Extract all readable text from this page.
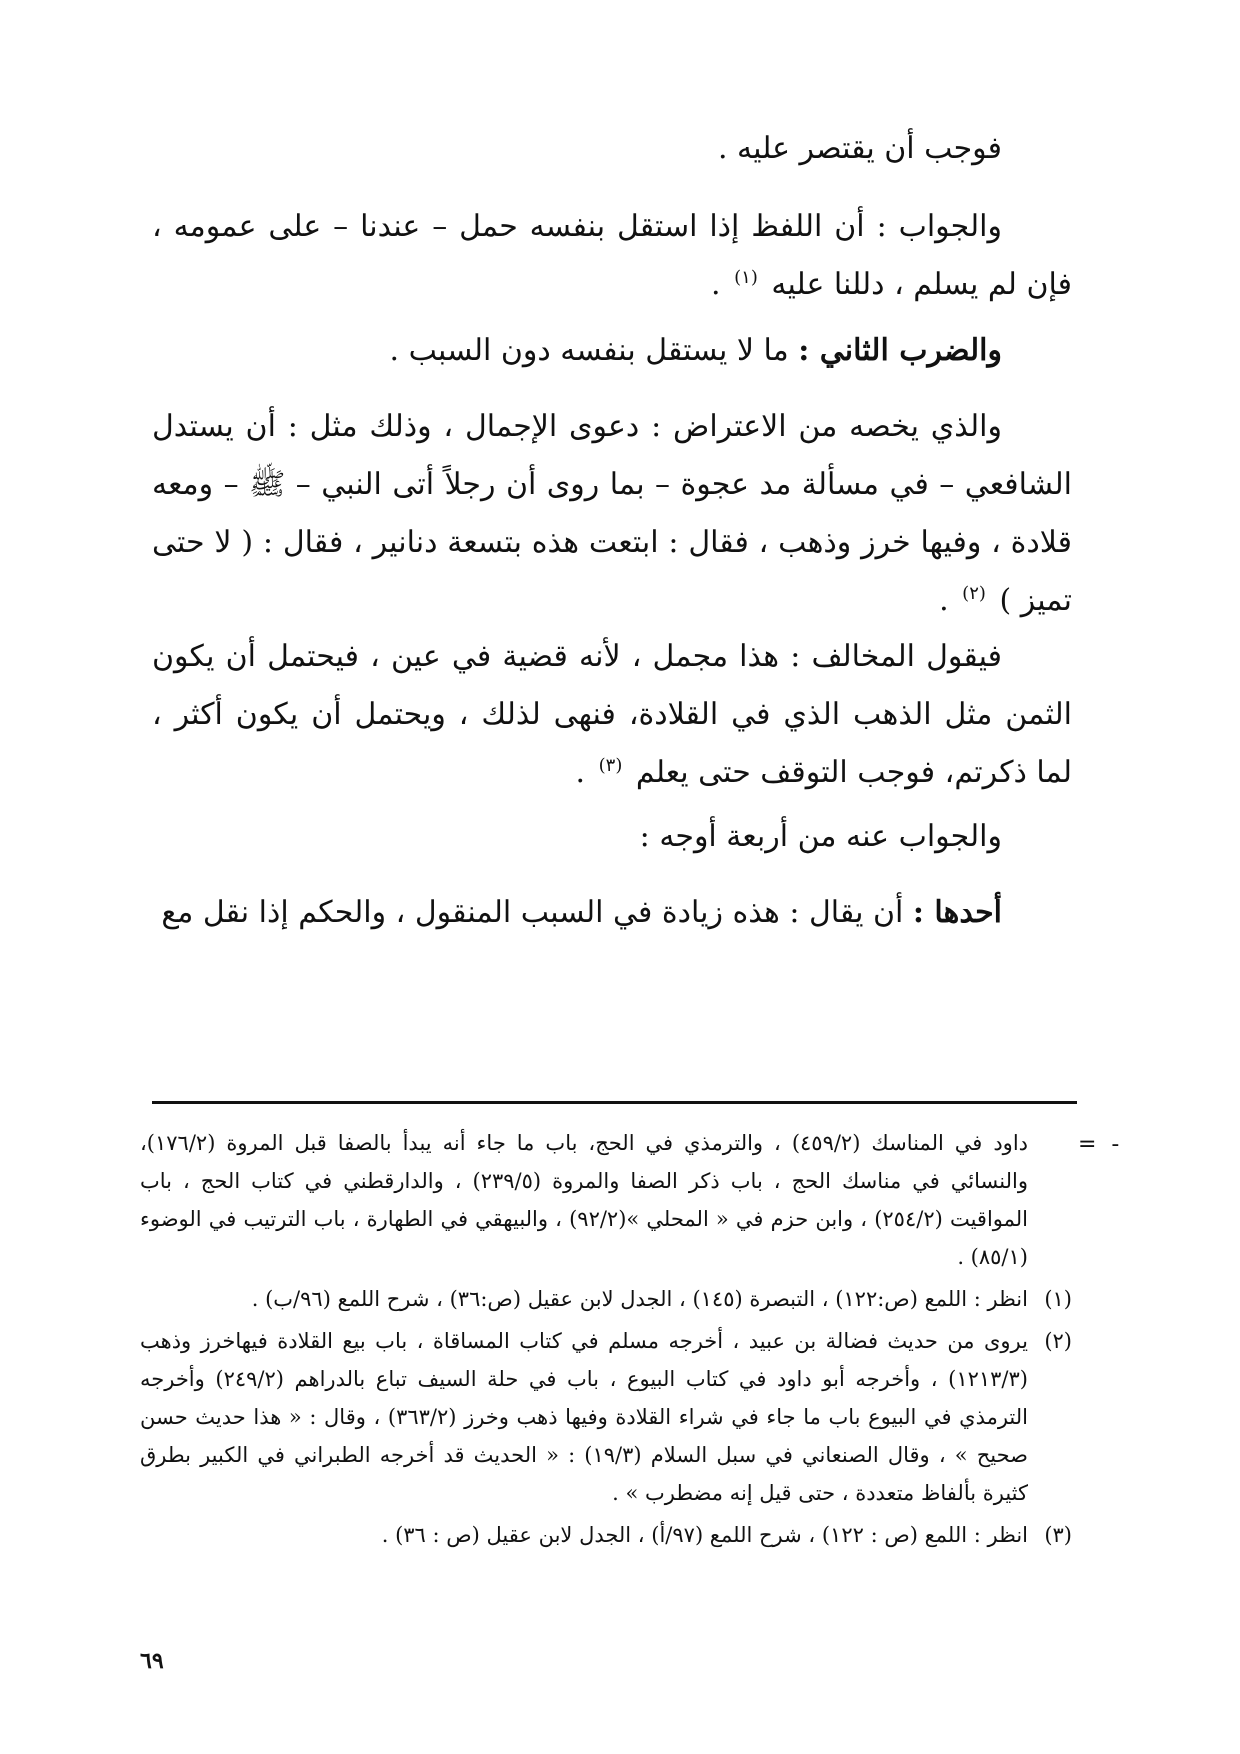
فوجب أن يقتصر عليه .

والجواب : أن اللفظ إذا استقل بنفسه حمل – عندنا – على عمومه ، فإن لم يسلم ، دللنا عليه $^{(١)}$ .

والضرب الثاني : ما لا يستقل بنفسه دون السبب .

والذي يخصه من الاعتراض : دعوى الإجمال ، وذلك مثل : أن يستدل الشافعي – في مسألة مد عجوة – بما روى أن رجلاً أتى النبي – ﷺ – ومعه قلادة ، وفيها خرز وذهب ، فقال : ابتعت هذه بتسعة دنانير ، فقال : ( لا حتى تميز ) $^{(٢)}$ .

فيقول المخالف : هذا مجمل ، لأنه قضية في عين ، فيحتمل أن يكون الثمن مثل الذهب الذي في القلادة، فنهى لذلك ، ويحتمل أن يكون أكثر ، لما ذكرتم، فوجب التوقف حتى يعلم $^{(٣)}$ .

والجواب عنه من أربعة أوجه :

أحدها : أن يقال : هذه زيادة في السبب المنقول ، والحكم إذا نقل مع

= -

داود في المناسك (٤٥٩/٢) ، والترمذي في الحج، باب ما جاء أنه يبدأ بالصفا قبل المروة (١٧٦/٢)، والنسائي في مناسك الحج ، باب ذكر الصفا والمروة (٢٣٩/٥) ، والدارقطني في كتاب الحج ، باب المواقيت (٢٥٤/٢) ، وابن حزم في « المحلي »(٩٢/٢) ، والبيهقي في الطهارة ، باب الترتيب في الوضوء (٨٥/١) .

(١)
انظر : اللمع (ص:١٢٢) ، التبصرة (١٤٥) ، الجدل لابن عقيل (ص:٣٦) ، شرح اللمع (٩٦/ب) .

(٢)
يروى من حديث فضالة بن عبيد ، أخرجه مسلم في كتاب المساقاة ، باب بيع القلادة فيهاخرز وذهب (١٢١٣/٣) ، وأخرجه أبو داود في كتاب البيوع ، باب في حلة السيف تباع بالدراهم (٢٤٩/٢) وأخرجه الترمذي في البيوع باب ما جاء في شراء القلادة وفيها ذهب وخرز (٣٦٣/٢) ، وقال : « هذا حديث حسن صحيح » ، وقال الصنعاني في سبل السلام (١٩/٣) : « الحديث قد أخرجه الطبراني في الكبير بطرق كثيرة بألفاظ متعددة ، حتى قيل إنه مضطرب » .

(٣)
انظر : اللمع (ص : ١٢٢) ، شرح اللمع (٩٧/أ) ، الجدل لابن عقيل (ص : ٣٦) .

٦٩
